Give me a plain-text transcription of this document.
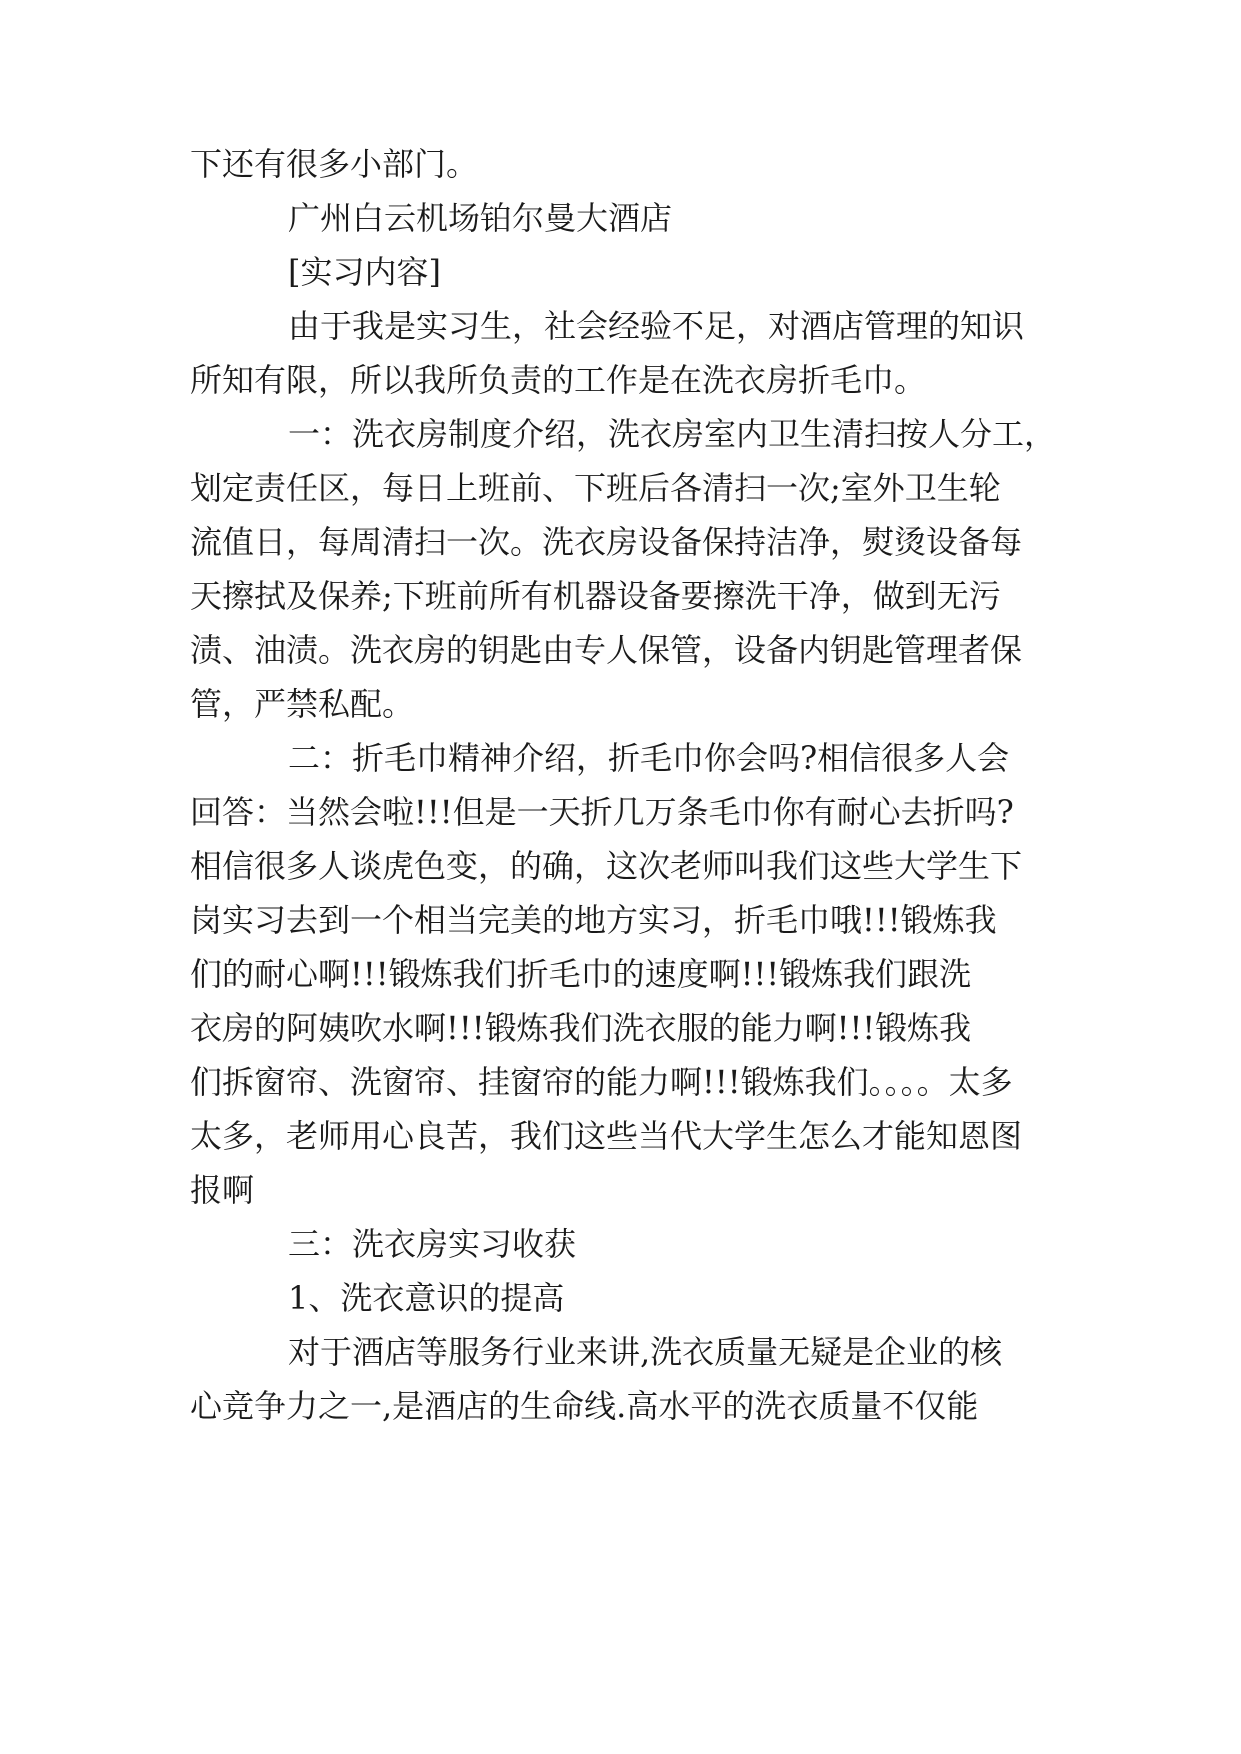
下还有很多小部门。
广州白云机场铂尔曼大酒店
[实习内容]
由于我是实习生，社会经验不足，对酒店管理的知识
所知有限，所以我所负责的工作是在洗衣房折毛巾。
一：洗衣房制度介绍，洗衣房室内卫生清扫按人分工，
划定责任区，每日上班前、下班后各清扫一次;室外卫生轮
流值日，每周清扫一次。洗衣房设备保持洁净，熨烫设备每
天擦拭及保养;下班前所有机器设备要擦洗干净，做到无污
渍、油渍。洗衣房的钥匙由专人保管，设备内钥匙管理者保
管，严禁私配。
二：折毛巾精神介绍，折毛巾你会吗?相信很多人会
回答：当然会啦!!!但是一天折几万条毛巾你有耐心去折吗?
相信很多人谈虎色变，的确，这次老师叫我们这些大学生下
岗实习去到一个相当完美的地方实习，折毛巾哦!!!锻炼我
们的耐心啊!!!锻炼我们折毛巾的速度啊!!!锻炼我们跟洗
衣房的阿姨吹水啊!!!锻炼我们洗衣服的能力啊!!!锻炼我
们拆窗帘、洗窗帘、挂窗帘的能力啊!!!锻炼我们。。。。太多
太多，老师用心良苦，我们这些当代大学生怎么才能知恩图
报啊
三：洗衣房实习收获
1、洗衣意识的提高
对于酒店等服务行业来讲,洗衣质量无疑是企业的核
心竞争力之一,是酒店的生命线.高水平的洗衣质量不仅能
